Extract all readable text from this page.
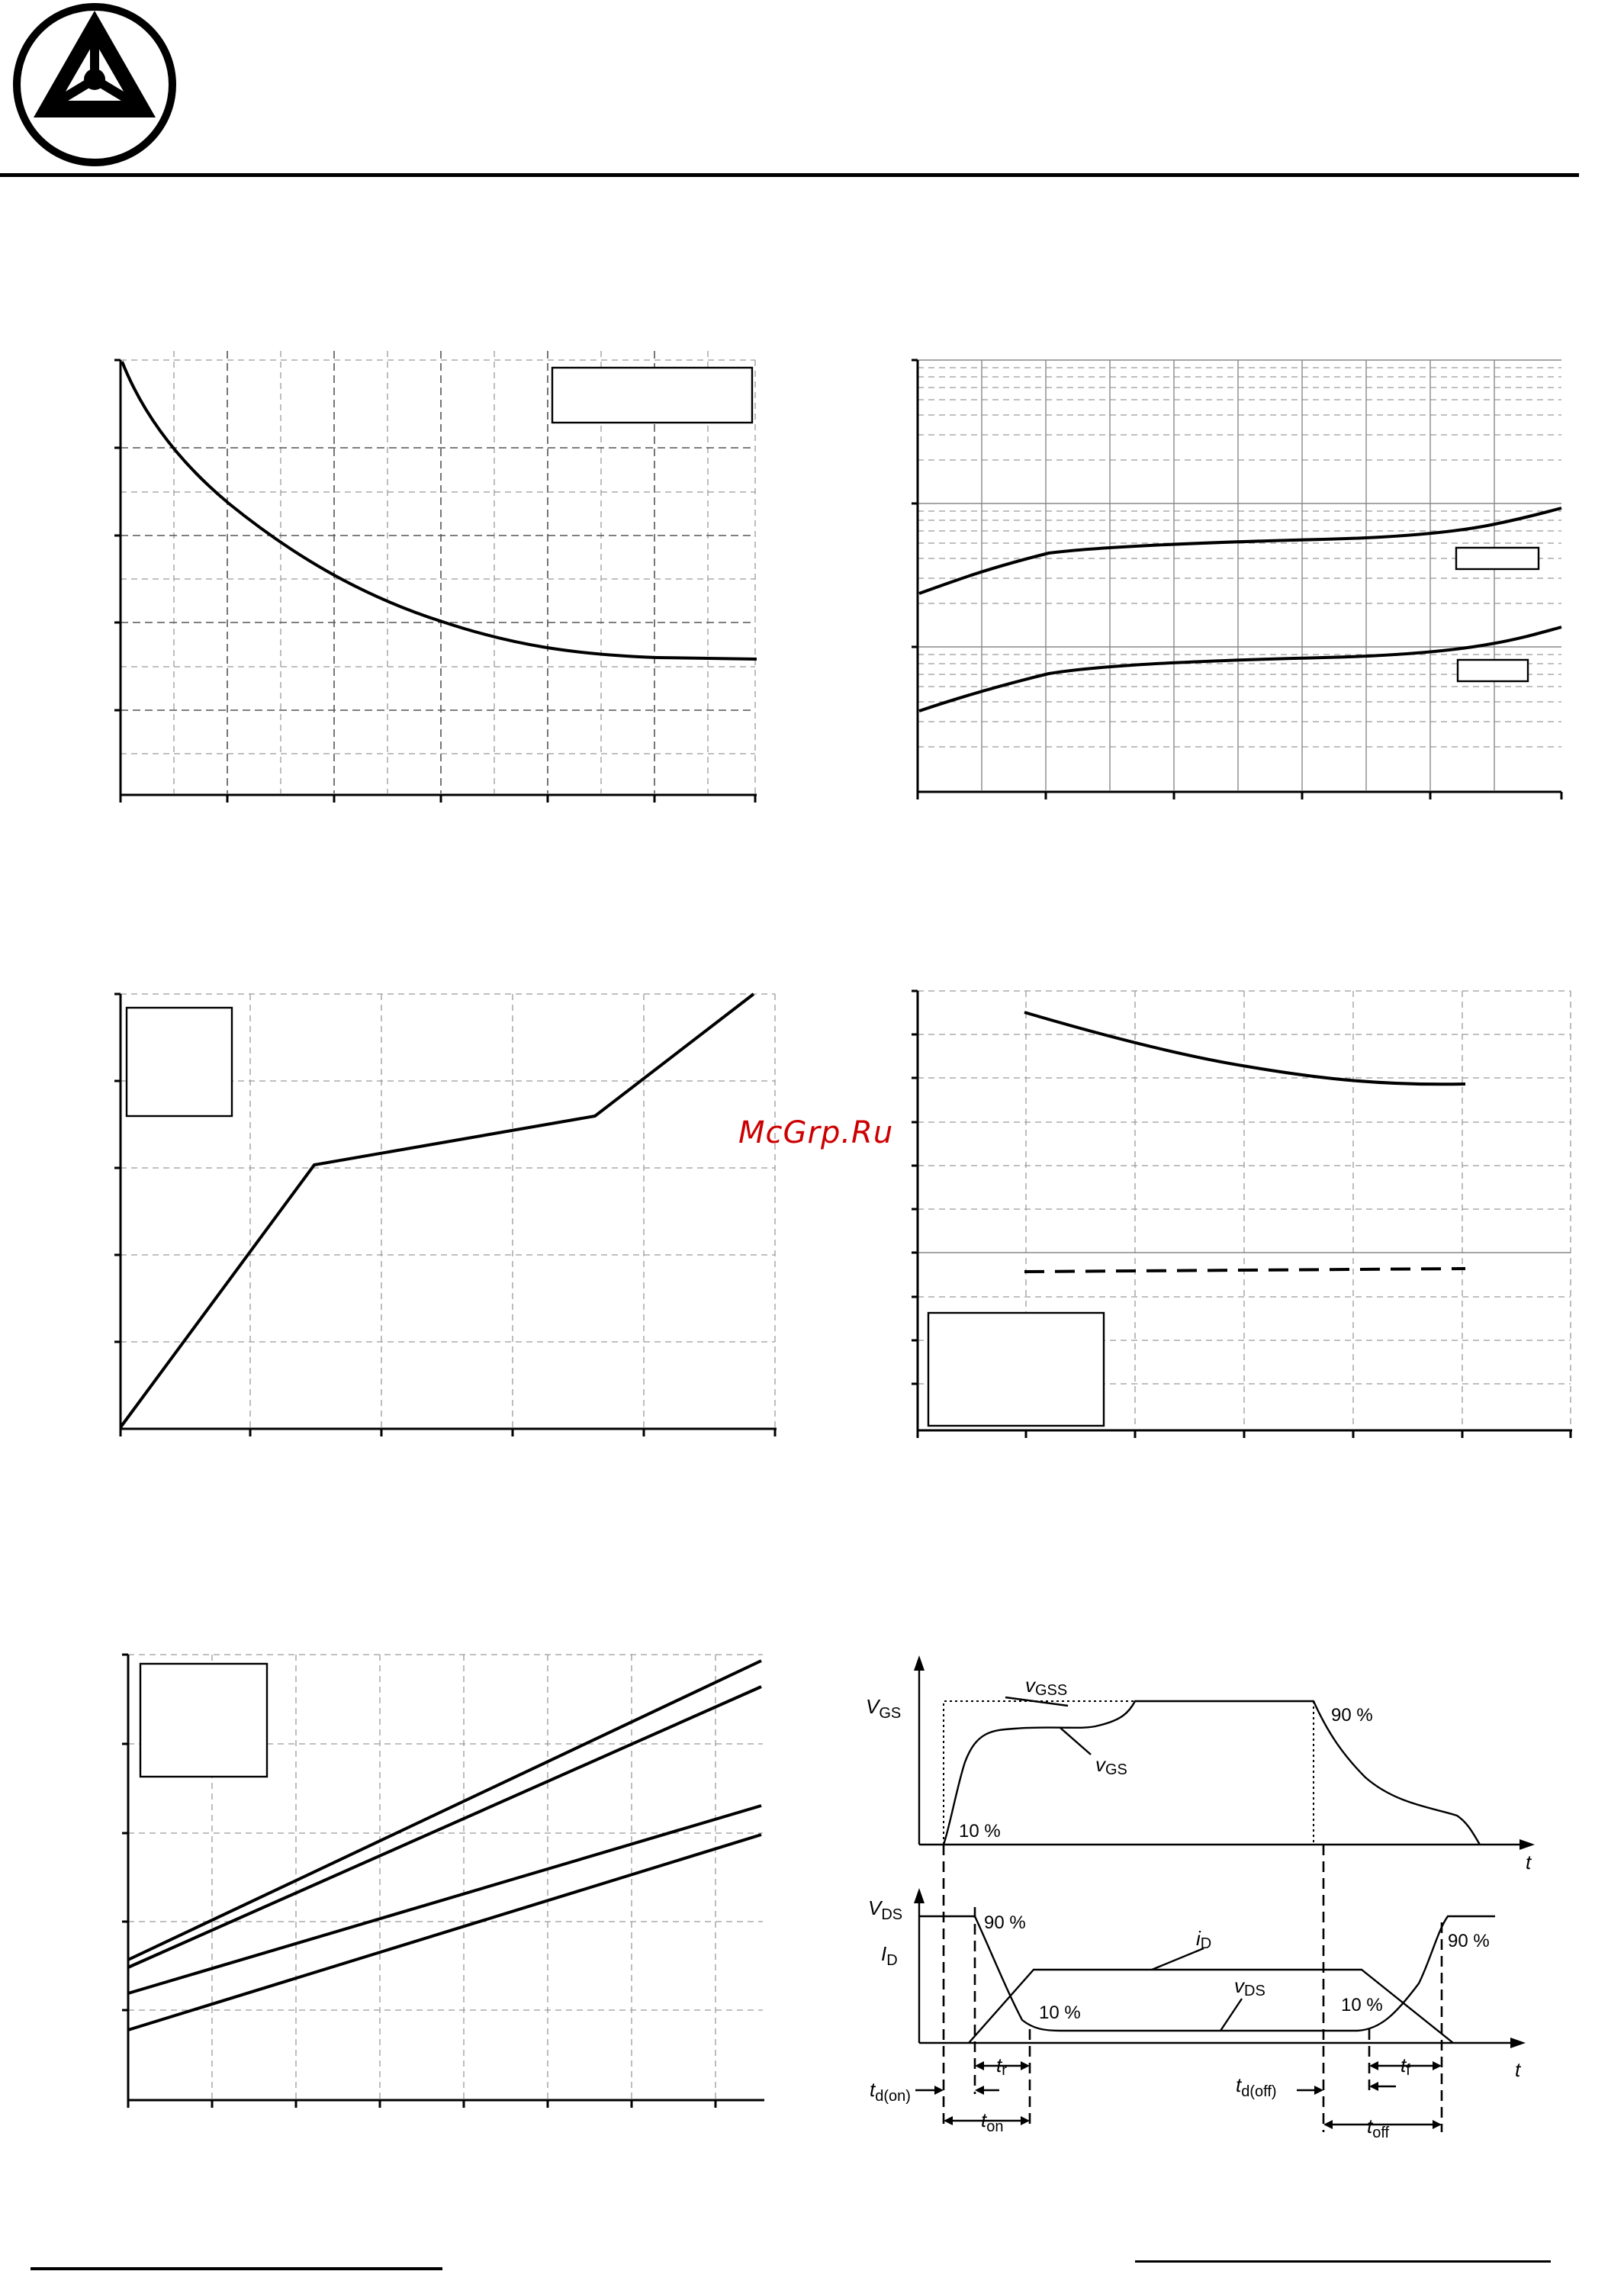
$V_{GS}$
vGSS
vGS
90 %
10 %
t
$V_{DS}$
$I_D$
90 %
10 %
iD
vDS
10 %
90 %
t
tr	tf
$t_{d(on)}$	$t_{d(off)}$
$t_{on}$	$t_{off}$
McGrp.Ru
